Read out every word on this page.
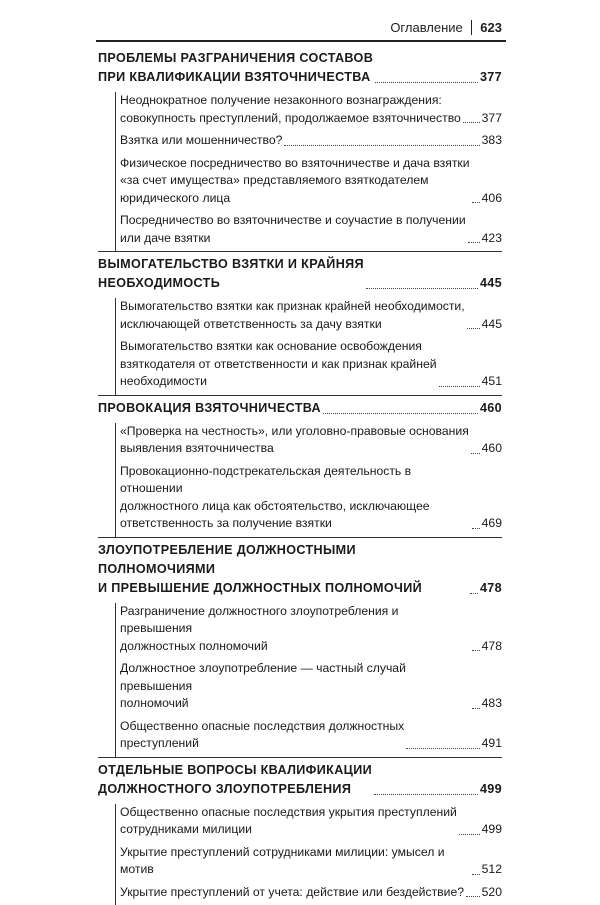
Оглавление 623
ПРОБЛЕМЫ РАЗГРАНИЧЕНИЯ СОСТАВОВ
ПРИ КВАЛИФИКАЦИИ ВЗЯТОЧНИЧЕСТВА	377
Неоднократное получение незаконного вознаграждения:
совокупность преступлений, продолжаемое взяточничество 377
Взятка или мошенничество?	383
Физическое посредничество во взяточничестве и дача взятки
«за счет имущества» представляемого взяткодателем
юридического лица	406
Посредничество во взяточничестве и соучастие в получении
или даче взятки	423
ВЫМОГАТЕЛЬСТВО ВЗЯТКИ И КРАЙНЯЯ
НЕОБХОДИМОСТЬ	445
Вымогательство взятки как признак крайней необходимости,
исключающей ответственность за дачу взятки	445
Вымогательство взятки как основание освобождения
взяткодателя от ответственности и как признак крайней
необходимости	451
ПРОВОКАЦИЯ ВЗЯТОЧНИЧЕСТВА	460
«Проверка на честность», или уголовно-правовые основания
выявления взяточничества	460
Провокационно-подстрекательская деятельность в отношении
должностного лица как обстоятельство, исключающее
ответственность за получение взятки	469
ЗЛОУПОТРЕБЛЕНИЕ ДОЛЖНОСТНЫМИ ПОЛНОМОЧИЯМИ
И ПРЕВЫШЕНИЕ ДОЛЖНОСТНЫХ ПОЛНОМОЧИЙ	478
Разграничение должностного злоупотребления и превышения
должностных полномочий	478
Должностное злоупотребление — частный случай превышения
полномочий	483
Общественно опасные последствия должностных
преступлений	491
ОТДЕЛЬНЫЕ ВОПРОСЫ КВАЛИФИКАЦИИ
ДОЛЖНОСТНОГО ЗЛОУПОТРЕБЛЕНИЯ	499
Общественно опасные последствия укрытия преступлений
сотрудниками милиции	499
Укрытие преступлений сотрудниками милиции: умысел и мотив	512
Укрытие преступлений от учета: действие или бездействие? 520
